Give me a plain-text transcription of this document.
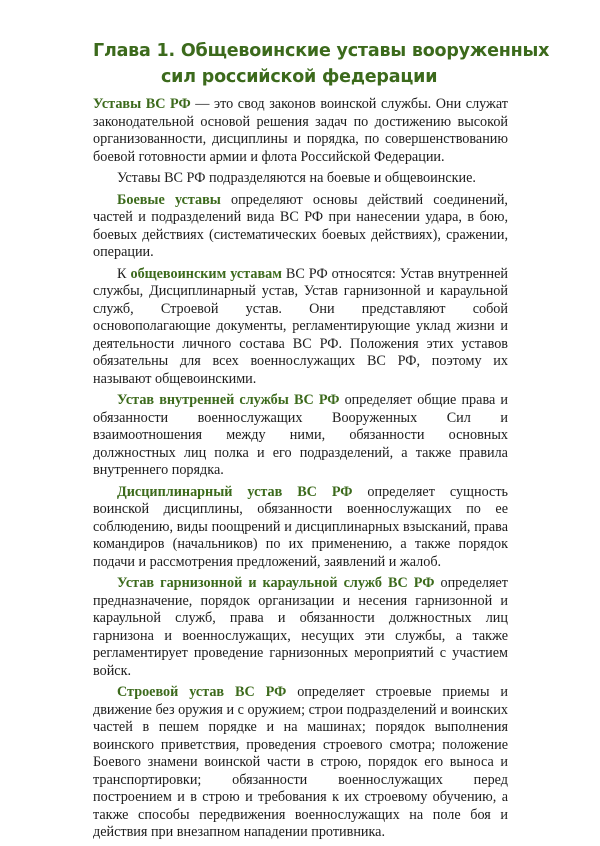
Глава 1. Общевоинские уставы вооруженных
сил российской федерации

Уставы ВС РФ — это свод законов воинской службы. Они служат законодательной основой решения задач по достижению высокой организованности, дисциплины и порядка, по совершенствованию боевой готовности армии и флота Российской Федерации.

Уставы ВС РФ подразделяются на боевые и общевоинские.

Боевые уставы определяют основы действий соединений, частей и подразделений вида ВС РФ при нанесении удара, в бою, боевых действиях (систематических боевых действиях), сражении, операции.

К общевоинским уставам ВС РФ относятся: Устав внутренней службы, Дисциплинарный устав, Устав гарнизонной и караульной служб, Строевой устав. Они представляют собой основополагающие документы, регламентирующие уклад жизни и деятельности личного состава ВС РФ. Положения этих уставов обязательны для всех военнослужащих ВС РФ, поэтому их называют общевоинскими.

Устав внутренней службы ВС РФ определяет общие права и обязанности военнослужащих Вооруженных Сил и взаимоотношения между ними, обязанности основных должностных лиц полка и его подразделений, а также правила внутреннего порядка.

Дисциплинарный устав ВС РФ определяет сущность воинской дисциплины, обязанности военнослужащих по ее соблюдению, виды поощрений и дисциплинарных взысканий, права командиров (начальников) по их применению, а также порядок подачи и рассмотрения предложений, заявлений и жалоб.

Устав гарнизонной и караульной служб ВС РФ определяет предназначение, порядок организации и несения гарнизонной и караульной служб, права и обязанности должностных лиц гарнизона и военнослужащих, несущих эти службы, а также регламентирует проведение гарнизонных мероприятий с участием войск.

Строевой устав ВС РФ определяет строевые приемы и движение без оружия и с оружием; строи подразделений и воинских частей в пешем порядке и на машинах; порядок выполнения воинского приветствия, проведения строевого смотра; положение Боевого знамени воинской части в строю, порядок его выноса и транспортировки; обязанности военнослужащих перед построением и в строю и требования к их строевому обучению, а также способы передвижения военнослужащих на поле боя и действия при внезапном нападении противника.
